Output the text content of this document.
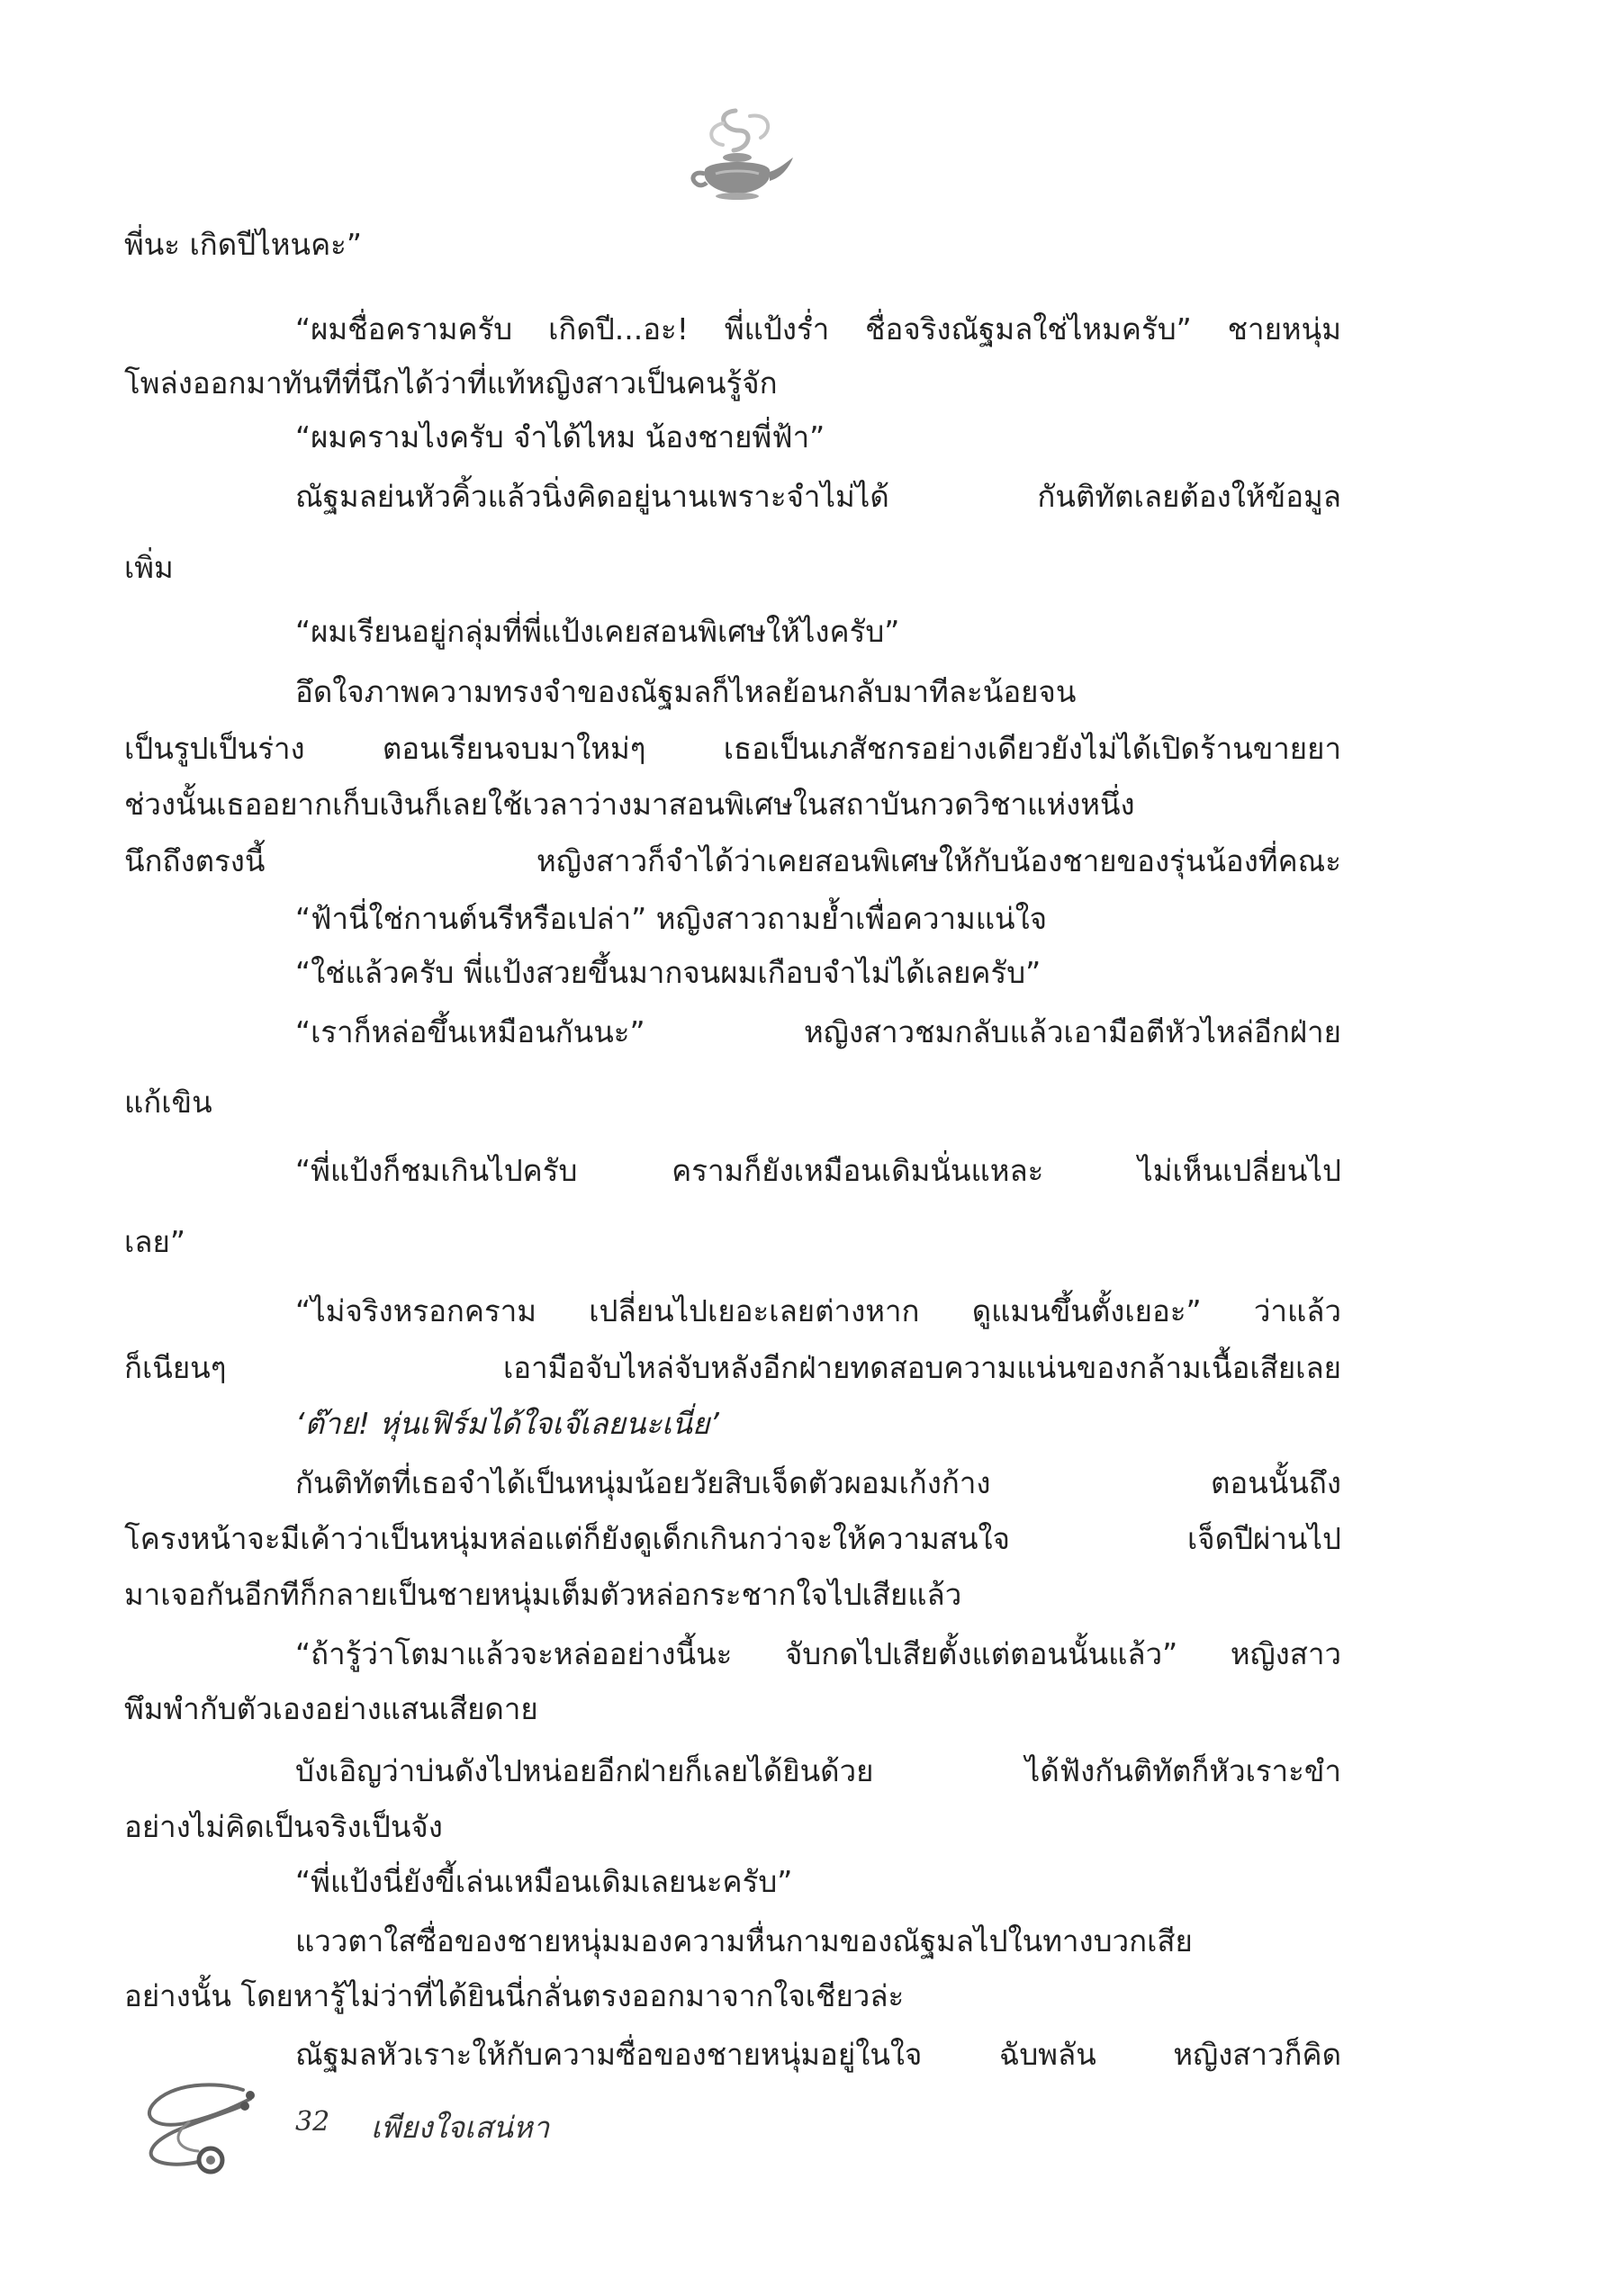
พี่นะ เกิดปีไหนคะ”
“ผมชื่อครามครับ เกิดปี...อะ! พี่แป้งร่ำ ชื่อจริงณัฐมลใช่ไหมครับ” ชายหนุ่ม
โพล่งออกมาทันทีที่นึกได้ว่าที่แท้หญิงสาวเป็นคนรู้จัก
“ผมครามไงครับ จำได้ไหม น้องชายพี่ฟ้า”
ณัฐมลย่นหัวคิ้วแล้วนิ่งคิดอยู่นานเพราะจำไม่ได้ กันติทัตเลยต้องให้ข้อมูล
เพิ่ม
“ผมเรียนอยู่กลุ่มที่พี่แป้งเคยสอนพิเศษให้ไงครับ”
อึดใจภาพความทรงจำของณัฐมลก็ไหลย้อนกลับมาทีละน้อยจน
เป็นรูปเป็นร่าง ตอนเรียนจบมาใหม่ๆ เธอเป็นเภสัชกรอย่างเดียวยังไม่ได้เปิดร้านขายยา
ช่วงนั้นเธออยากเก็บเงินก็เลยใช้เวลาว่างมาสอนพิเศษในสถาบันกวดวิชาแห่งหนึ่ง
นึกถึงตรงนี้ หญิงสาวก็จำได้ว่าเคยสอนพิเศษให้กับน้องชายของรุ่นน้องที่คณะ
“ฟ้านี่ใช่กานต์นรีหรือเปล่า” หญิงสาวถามย้ำเพื่อความแน่ใจ
“ใช่แล้วครับ พี่แป้งสวยขึ้นมากจนผมเกือบจำไม่ได้เลยครับ”
“เราก็หล่อขึ้นเหมือนกันนะ” หญิงสาวชมกลับแล้วเอามือตีหัวไหล่อีกฝ่าย
แก้เขิน
“พี่แป้งก็ชมเกินไปครับ ครามก็ยังเหมือนเดิมนั่นแหละ ไม่เห็นเปลี่ยนไป
เลย”
“ไม่จริงหรอกคราม เปลี่ยนไปเยอะเลยต่างหาก ดูแมนขึ้นตั้งเยอะ” ว่าแล้ว
ก็เนียนๆ เอามือจับไหล่จับหลังอีกฝ่ายทดสอบความแน่นของกล้ามเนื้อเสียเลย
‘ต๊าย! หุ่นเฟิร์มได้ใจเจ๊เลยนะเนี่ย’
กันติทัตที่เธอจำได้เป็นหนุ่มน้อยวัยสิบเจ็ดตัวผอมเก้งก้าง ตอนนั้นถึง
โครงหน้าจะมีเค้าว่าเป็นหนุ่มหล่อแต่ก็ยังดูเด็กเกินกว่าจะให้ความสนใจ เจ็ดปีผ่านไป
มาเจอกันอีกทีก็กลายเป็นชายหนุ่มเต็มตัวหล่อกระชากใจไปเสียแล้ว
“ถ้ารู้ว่าโตมาแล้วจะหล่ออย่างนี้นะ จับกดไปเสียตั้งแต่ตอนนั้นแล้ว” หญิงสาว
พึมพำกับตัวเองอย่างแสนเสียดาย
บังเอิญว่าบ่นดังไปหน่อยอีกฝ่ายก็เลยได้ยินด้วย ได้ฟังกันติทัตก็หัวเราะขำ
อย่างไม่คิดเป็นจริงเป็นจัง
“พี่แป้งนี่ยังขี้เล่นเหมือนเดิมเลยนะครับ”
แววตาใสซื่อของชายหนุ่มมองความหื่นกามของณัฐมลไปในทางบวกเสีย
อย่างนั้น โดยหารู้ไม่ว่าที่ได้ยินนี่กลั่นตรงออกมาจากใจเชียวล่ะ
ณัฐมลหัวเราะให้กับความซื่อของชายหนุ่มอยู่ในใจ ฉับพลัน หญิงสาวก็คิด
32 เพียงใจเสน่หา
